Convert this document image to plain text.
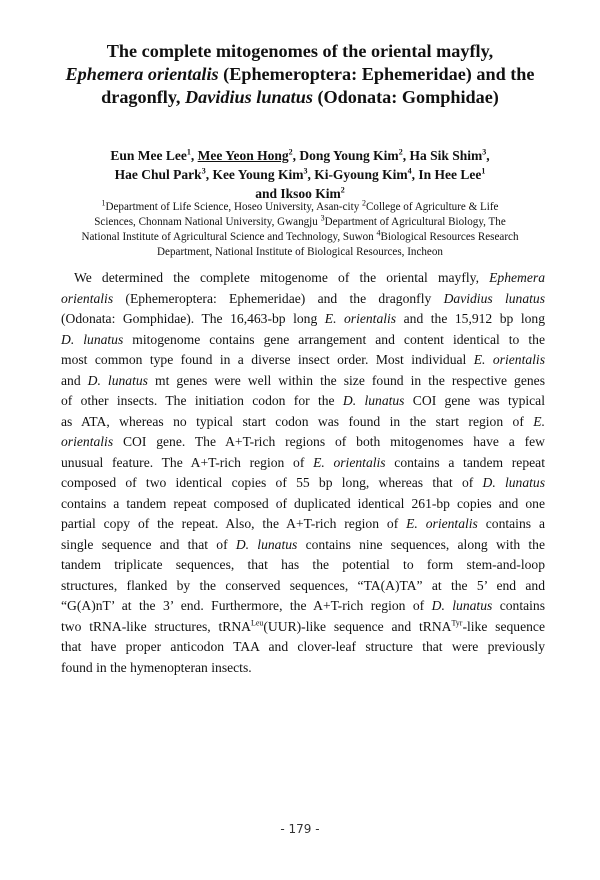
The complete mitogenomes of the oriental mayfly,
Ephemera orientalis (Ephemeroptera: Ephemeridae) and the
dragonfly, Davidius lunatus (Odonata: Gomphidae)
Eun Mee Lee$^1$, Mee Yeon Hong$^2$, Dong Young Kim$^2$, Ha Sik Shim$^3$,
Hae Chul Park$^3$, Kee Young Kim$^3$, Ki-Gyoung Kim$^4$, In Hee Lee$^1$
and Iksoo Kim$^2$
$^1$Department of Life Science, Hoseo University, Asan-city $^2$College of Agriculture & Life
Sciences, Chonnam National University, Gwangju $^3$Department of Agricultural Biology, The
National Institute of Agricultural Science and Technology, Suwon $^4$Biological Resources Research
Department, National Institute of Biological Resources, Incheon
We determined the complete mitogenome of the oriental mayfly, Ephemera
orientalis (Ephemeroptera: Ephemeridae) and the dragonfly Davidius lunatus
(Odonata: Gomphidae). The 16,463-bp long E. orientalis and the 15,912 bp long
D. lunatus mitogenome contains gene arrangement and content identical to the
most common type found in a diverse insect order. Most individual E. orientalis
and D. lunatus mt genes were well within the size found in the respective genes
of other insects. The initiation codon for the D. lunatus COI gene was typical
as ATA, whereas no typical start codon was found in the start region of E.
orientalis COI gene. The A+T-rich regions of both mitogenomes have a few
unusual feature. The A+T-rich region of E. orientalis contains a tandem repeat
composed of two identical copies of 55 bp long, whereas that of D. lunatus
contains a tandem repeat composed of duplicated identical 261-bp copies and one
partial copy of the repeat. Also, the A+T-rich region of E. orientalis contains a
single sequence and that of D. lunatus contains nine sequences, along with the
tandem triplicate sequences, that has the potential to form stem-and-loop
structures, flanked by the conserved sequences, “TA(A)TA” at the 5’ end and
“G(A)nT’ at the 3’ end. Furthermore, the A+T-rich region of D. lunatus contains
two tRNA-like structures, tRNA$^{Leu}$(UUR)-like sequence and tRNA$^{Tyr}$-like sequence
that have proper anticodon TAA and clover-leaf structure that were previously
found in the hymenopteran insects.
- 179 -
